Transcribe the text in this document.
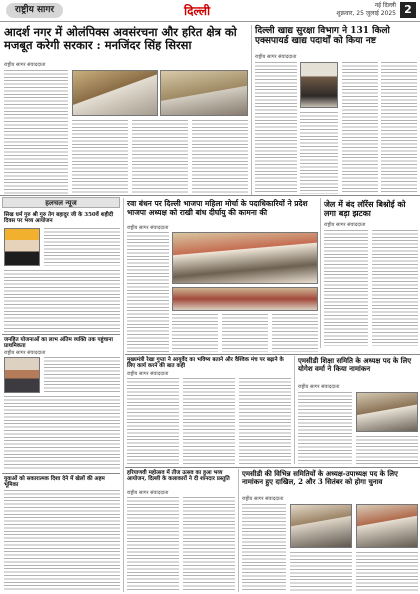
राष्ट्रीय सागर	दिल्ली	नई दिल्ली
शुक्रवार, 25 जुलाई 2025 2
आदर्श नगर में ओलंपिक्स अवसंरचना और हरित क्षेत्र को मजबूत करेगी सरकार : मनजिंदर सिंह सिरसा
राष्ट्रीय सागर संवाददाता
दिल्ली खाद्य सुरक्षा विभाग ने 131 किलो एक्सपायर्ड खाद्य पदार्थों को किया नष्ट
राष्ट्रीय सागर संवाददाता
हलचल न्यूज
सिख धर्म गुरु श्री गुरु तेग बहादुर जी के 350वें शहीदी दिवस पर भव्य आयोजन
जनहित योजनाओं का लाभ अंतिम व्यक्ति तक पहुंचाना प्राथमिकता
राष्ट्रीय सागर संवाददाता
युवाओं को सकारात्मक दिशा देने में खेलों की अहम भूमिका
रवा बंधन पर दिल्ली भाजपा महिला मोर्चा के पदाधिकारियों ने प्रदेश भाजपा अध्यक्ष को राखी बांध दीर्घायु की कामना की
राष्ट्रीय सागर संवाददाता
जेल में बंद लॉरेंस बिश्नोई को लगा बड़ा झटका
राष्ट्रीय सागर संवाददाता
मुख्यमंत्री रेखा गुप्ता ने आयुर्वेद का भविष्य बताने और वैश्विक मंच पर बढ़ाने के लिए कार्य करने की बात कही
राष्ट्रीय सागर संवाददाता
एमसीडी शिक्षा समिति के अध्यक्ष पद के लिए योगेश वर्मा ने किया नामांकन
राष्ट्रीय सागर संवाददाता
हरियाणवी महोत्सव में तीज उत्सव का हुआ भव्य आयोजन, दिल्ली के कलाकारों ने दी शानदार प्रस्तुति
राष्ट्रीय सागर संवाददाता
एमसीडी की विभिन्न समितियों के अध्यक्ष-उपाध्यक्ष पद के लिए नामांकन हुए दाखिल, 2 और 3 सितंबर को होगा चुनाव
राष्ट्रीय सागर संवाददाता
